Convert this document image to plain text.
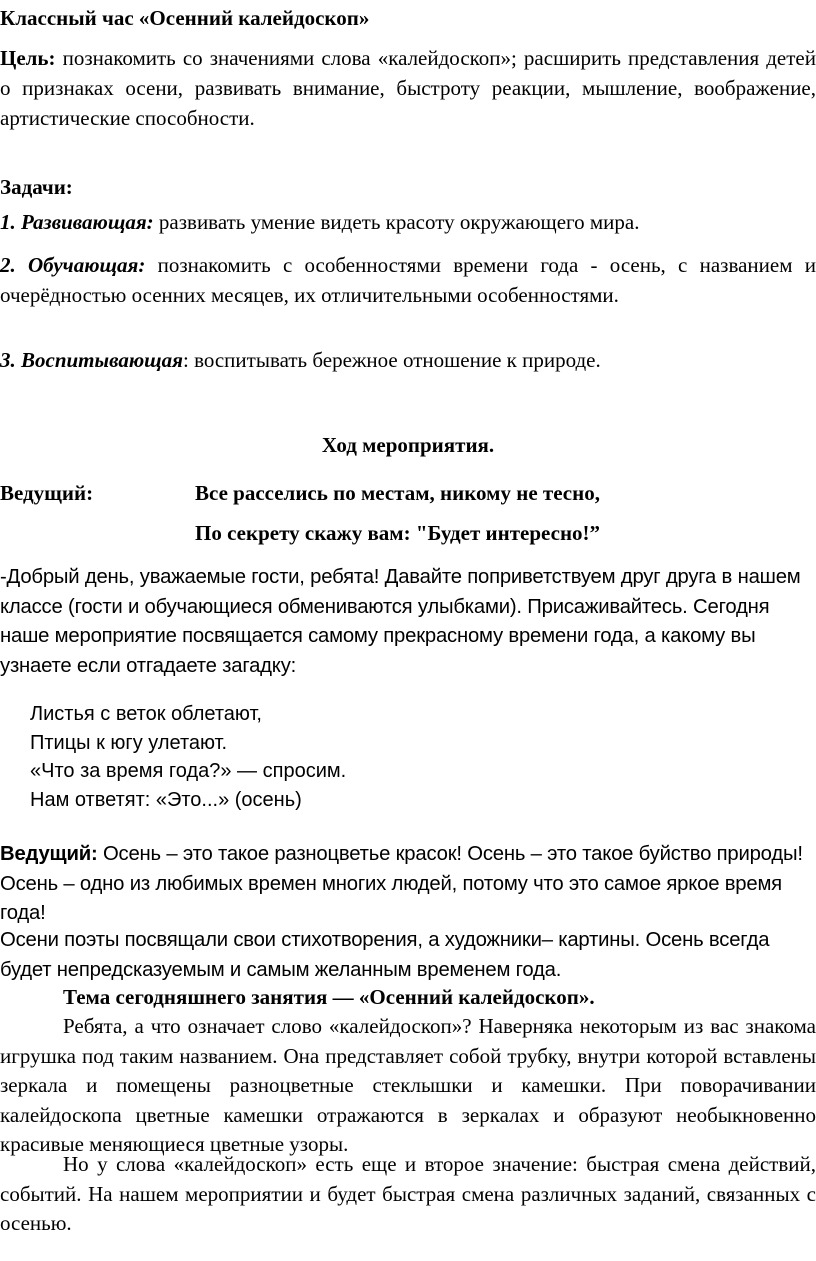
Классный час «Осенний калейдоскоп»

Цель: познакомить со значениями слова «калейдоскоп»; расширить представления детей о признаках осени, развивать внимание, быстроту реакции, мышление, воображение, артистические способности.

Задачи:

1. Развивающая: развивать умение видеть красоту окружающего мира.

2. Обучающая: познакомить с особенностями времени года - осень, с названием и очерёдностью осенних месяцев, их отличительными особенностями.

3. Воспитывающая: воспитывать бережное отношение к природе.

Ход мероприятия.

Ведущий:	Все расселись по местам, никому не тесно,

По секрету скажу вам: "Будет интересно!”

-Добрый день, уважаемые гости, ребята! Давайте поприветствуем друг друга в нашем классе (гости и обучающиеся обмениваются улыбками). Присаживайтесь. Сегодня наше мероприятие посвящается самому прекрасному времени года, а какому вы узнаете если отгадаете загадку:

Листья с веток облетают,
Птицы к югу улетают.
«Что за время года?» — спросим.
Нам ответят: «Это...» (осень)

Ведущий: Осень – это такое разноцветье красок! Осень – это такое буйство природы! Осень – одно из любимых времен многих людей, потому что это самое яркое время года!

Осени поэты посвящали свои стихотворения, а художники– картины. Осень всегда будет непредсказуемым и самым желанным временем года.

Тема сегодняшнего занятия — «Осенний калейдоскоп».

Ребята, а что означает слово «калейдоскоп»? Наверняка некоторым из вас знакома игрушка под таким названием. Она представляет собой трубку, внутри которой вставлены зеркала и помещены разноцветные стеклышки и камешки. При поворачивании калейдоскопа цветные камешки отражаются в зеркалах и образуют необыкновенно красивые меняющиеся цветные узоры.

Но у слова «калейдоскоп» есть еще и второе значение: быстрая смена действий, событий. На нашем мероприятии и будет быстрая смена различных заданий, связанных с осенью.
